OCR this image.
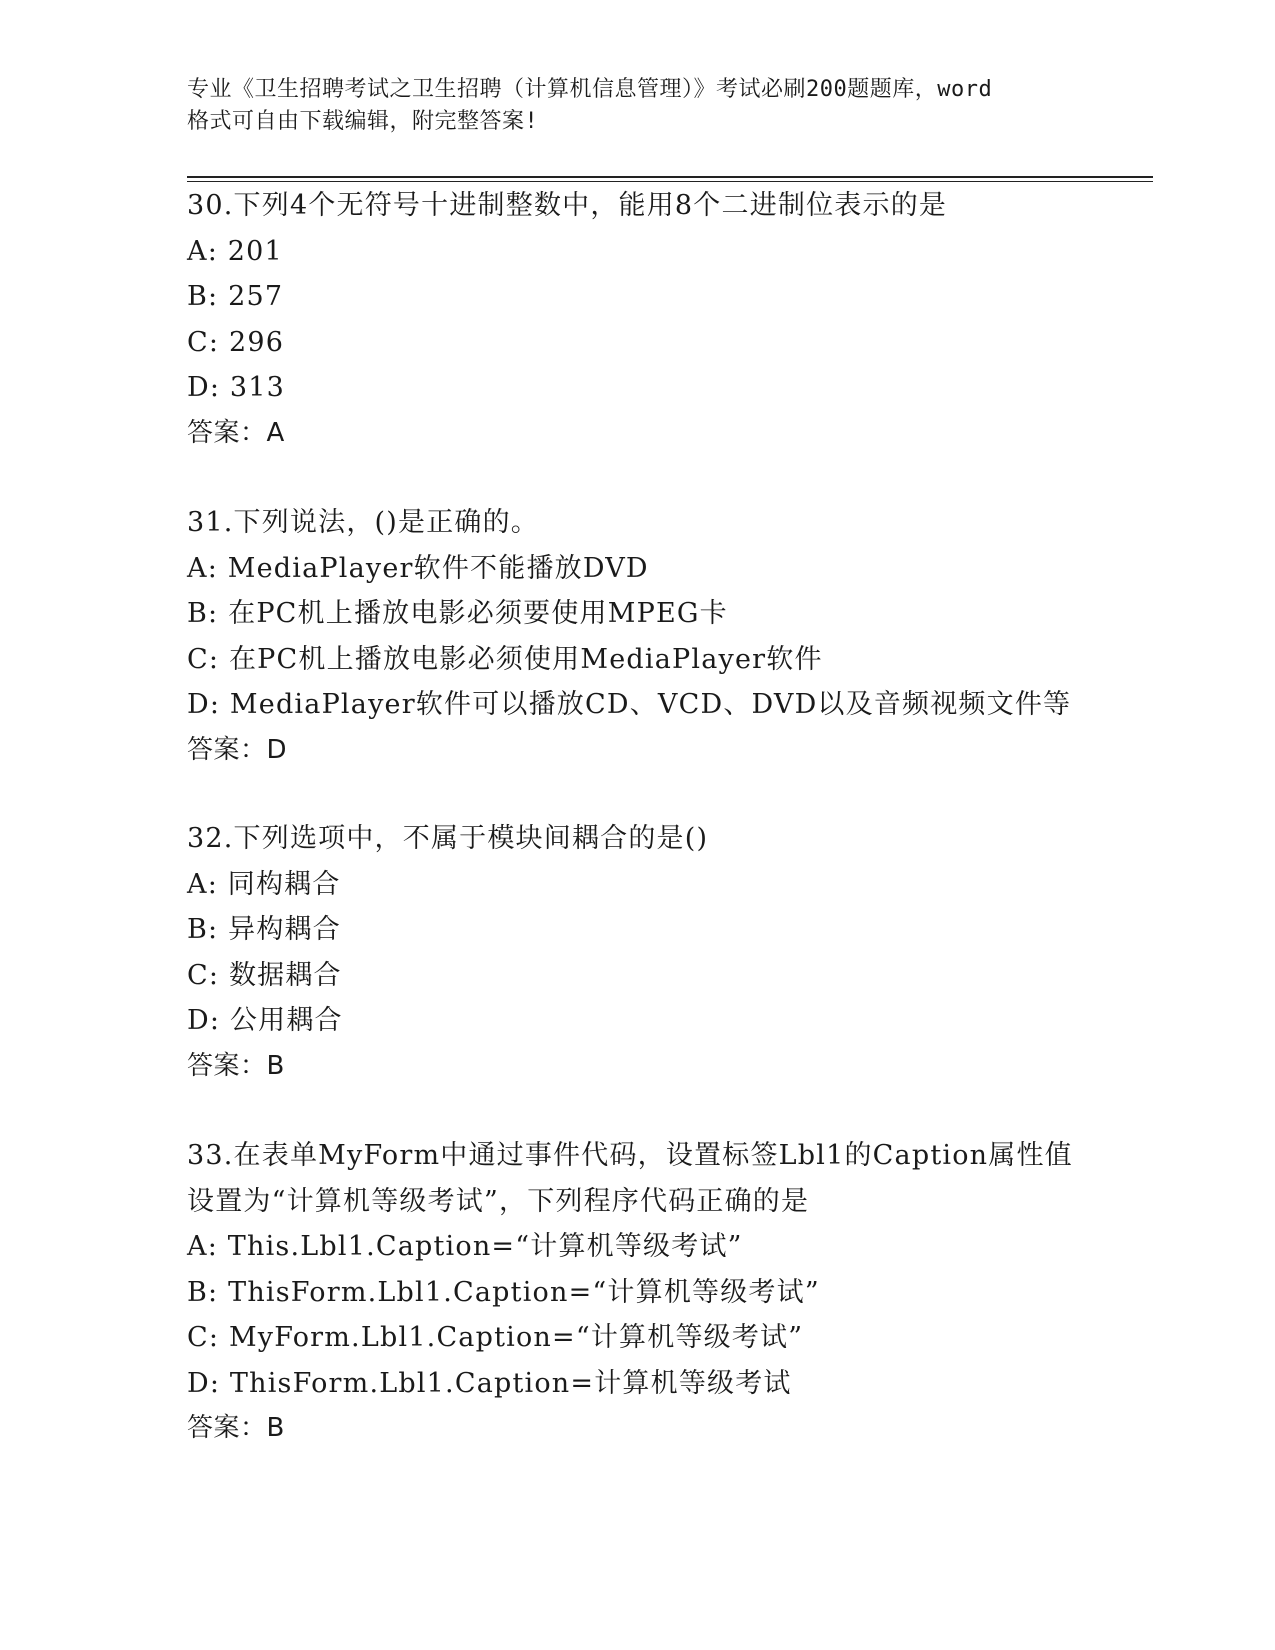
专业《卫生招聘考试之卫生招聘（计算机信息管理）》考试必刷200题题库，word
格式可自由下载编辑，附完整答案!
30.下列4个无符号十进制整数中，能用8个二进制位表示的是
A: 201
B: 257
C: 296
D: 313
答案：A
31.下列说法，()是正确的。
A: MediaPlayer软件不能播放DVD
B: 在PC机上播放电影必须要使用MPEG卡
C: 在PC机上播放电影必须使用MediaPlayer软件
D: MediaPlayer软件可以播放CD、VCD、DVD以及音频视频文件等
答案：D
32.下列选项中，不属于模块间耦合的是()
A: 同构耦合
B: 异构耦合
C: 数据耦合
D: 公用耦合
答案：B
33.在表单MyForm中通过事件代码，设置标签Lbl1的Caption属性值
设置为“计算机等级考试”，下列程序代码正确的是
A: This.Lbl1.Caption=“计算机等级考试”
B: ThisForm.Lbl1.Caption=“计算机等级考试”
C: MyForm.Lbl1.Caption=“计算机等级考试”
D: ThisForm.Lbl1.Caption=计算机等级考试
答案：B
